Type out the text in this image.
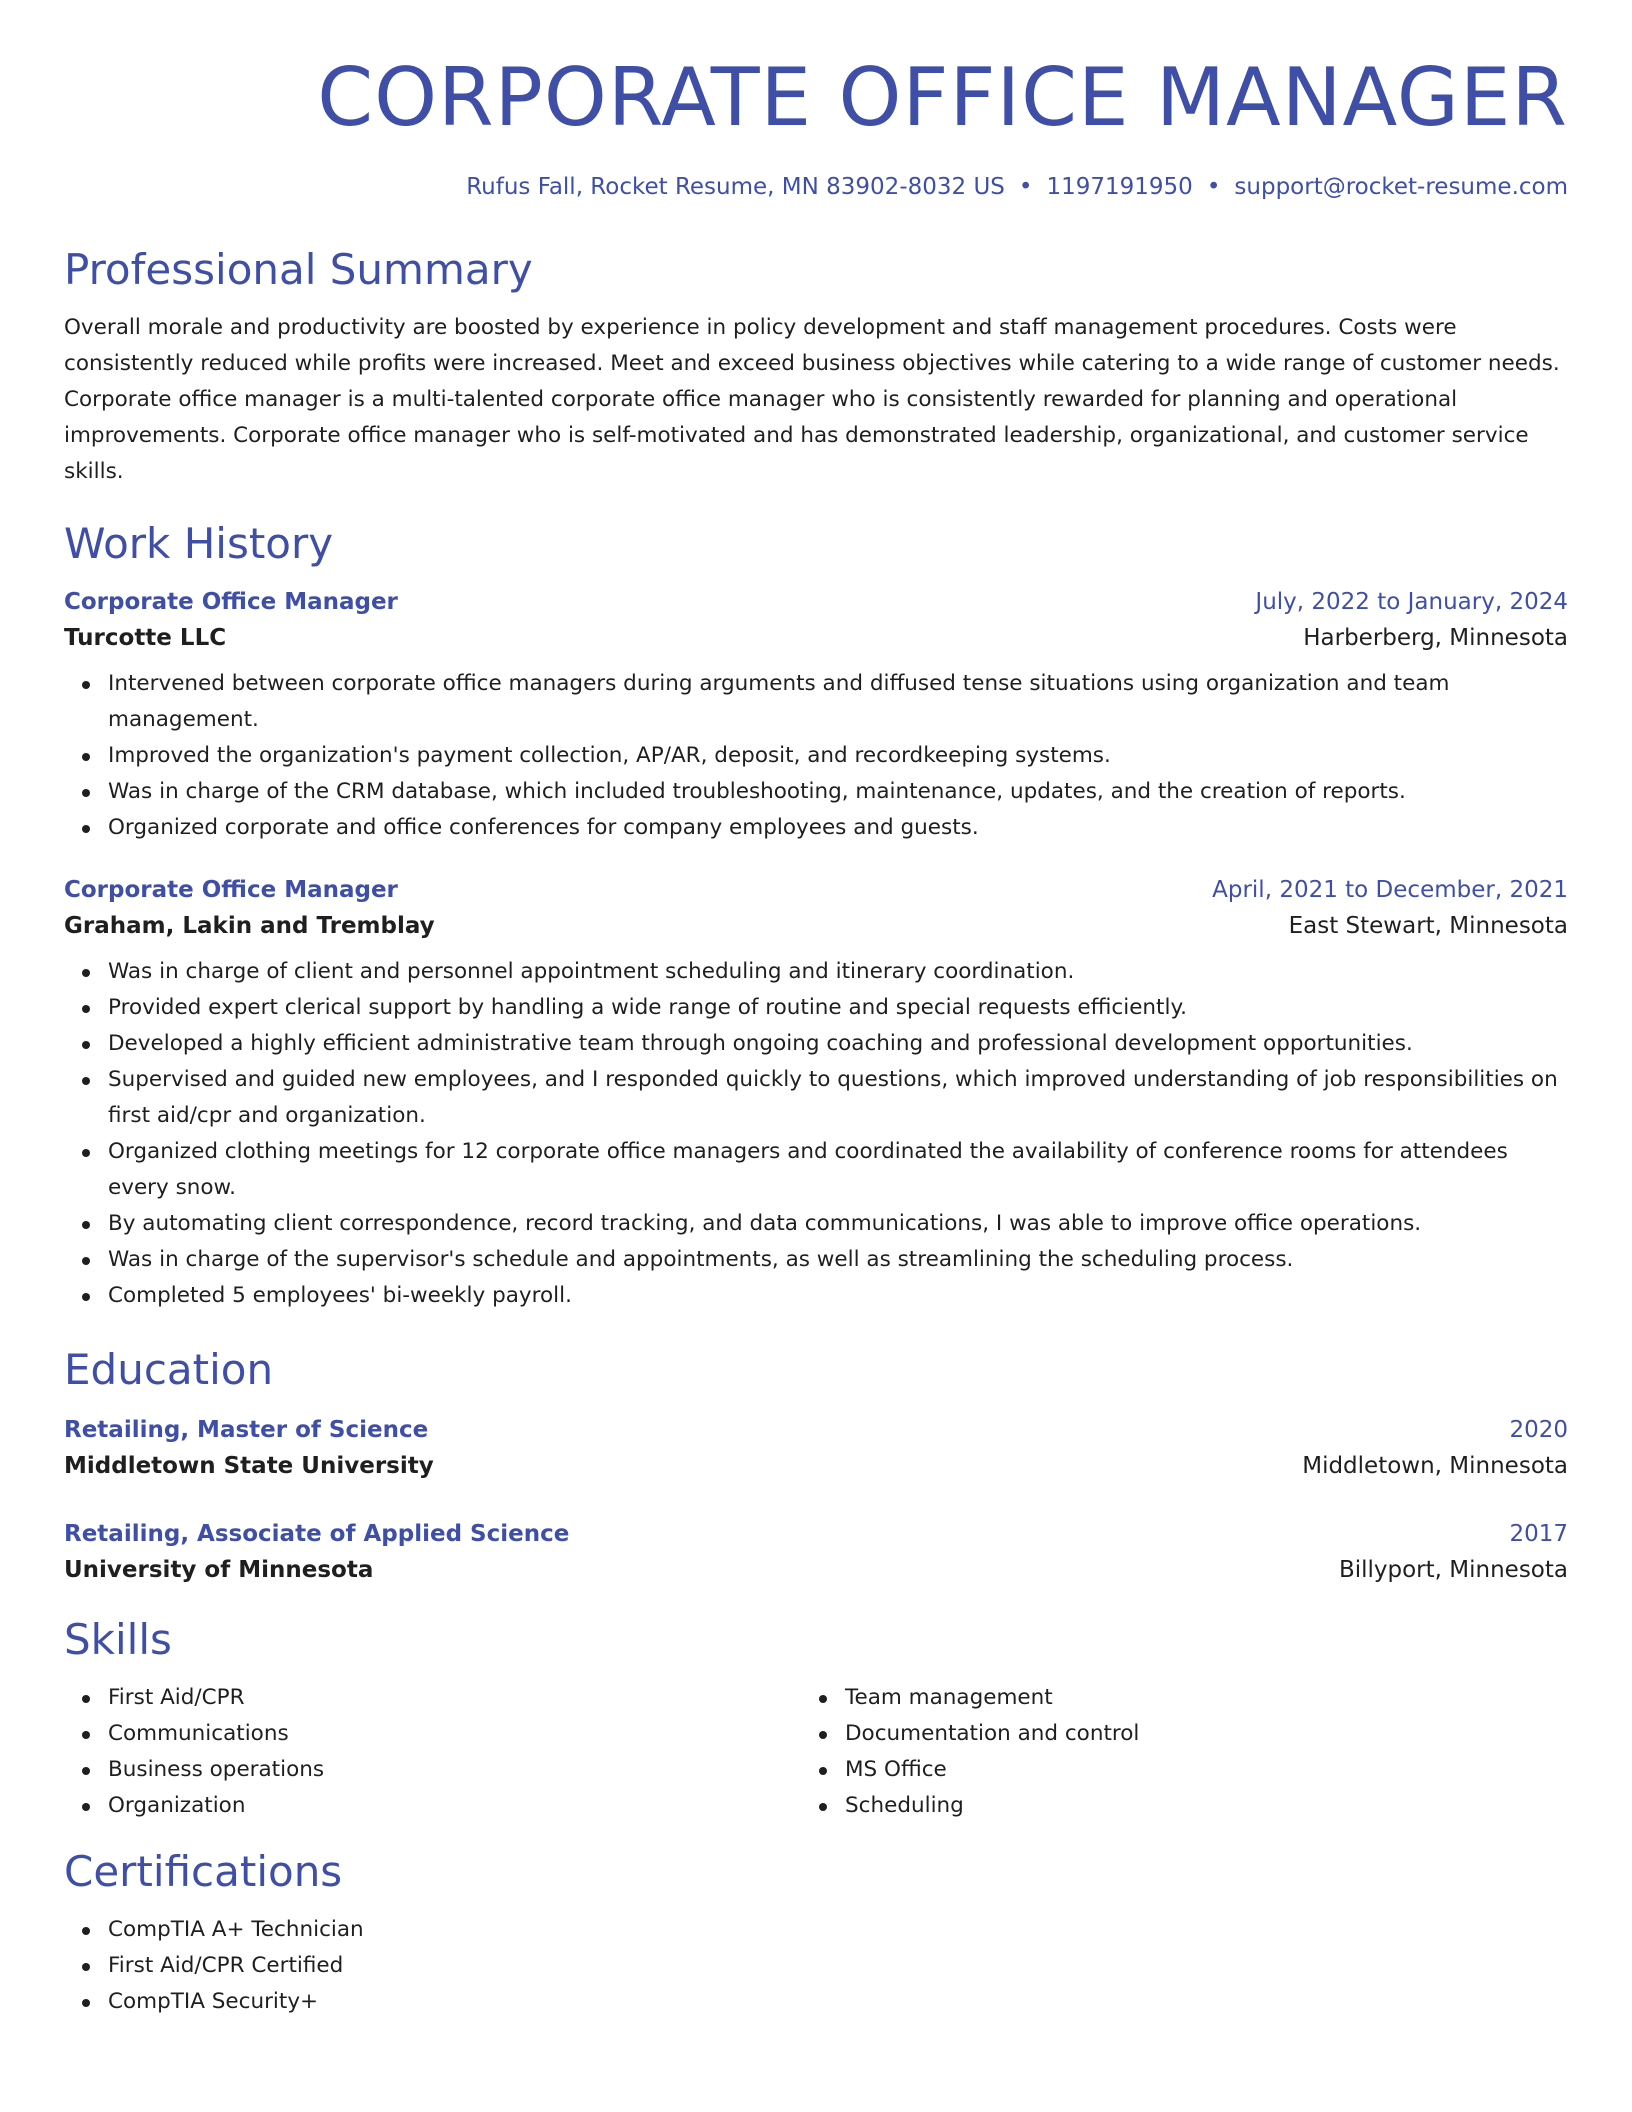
CORPORATE OFFICE MANAGER
Rufus Fall, Rocket Resume, MN 83902-8032 US • 1197191950 • support@rocket-resume.com
Professional Summary
Overall morale and productivity are boosted by experience in policy development and staff management procedures. Costs were consistently reduced while profits were increased. Meet and exceed business objectives while catering to a wide range of customer needs. Corporate office manager is a multi-talented corporate office manager who is consistently rewarded for planning and operational improvements. Corporate office manager who is self-motivated and has demonstrated leadership, organizational, and customer service skills.
Work History
Corporate Office Manager	July, 2022 to January, 2024
Turcotte LLC	Harberberg, Minnesota
Intervened between corporate office managers during arguments and diffused tense situations using organization and team management.
Improved the organization's payment collection, AP/AR, deposit, and recordkeeping systems.
Was in charge of the CRM database, which included troubleshooting, maintenance, updates, and the creation of reports.
Organized corporate and office conferences for company employees and guests.
Corporate Office Manager	April, 2021 to December, 2021
Graham, Lakin and Tremblay	East Stewart, Minnesota
Was in charge of client and personnel appointment scheduling and itinerary coordination.
Provided expert clerical support by handling a wide range of routine and special requests efficiently.
Developed a highly efficient administrative team through ongoing coaching and professional development opportunities.
Supervised and guided new employees, and I responded quickly to questions, which improved understanding of job responsibilities on first aid/cpr and organization.
Organized clothing meetings for 12 corporate office managers and coordinated the availability of conference rooms for attendees every snow.
By automating client correspondence, record tracking, and data communications, I was able to improve office operations.
Was in charge of the supervisor's schedule and appointments, as well as streamlining the scheduling process.
Completed 5 employees' bi-weekly payroll.
Education
Retailing, Master of Science	2020
Middletown State University	Middletown, Minnesota
Retailing, Associate of Applied Science	2017
University of Minnesota	Billyport, Minnesota
Skills
First Aid/CPR
Communications
Business operations
Organization
Team management
Documentation and control
MS Office
Scheduling
Certifications
CompTIA A+ Technician
First Aid/CPR Certified
CompTIA Security+
